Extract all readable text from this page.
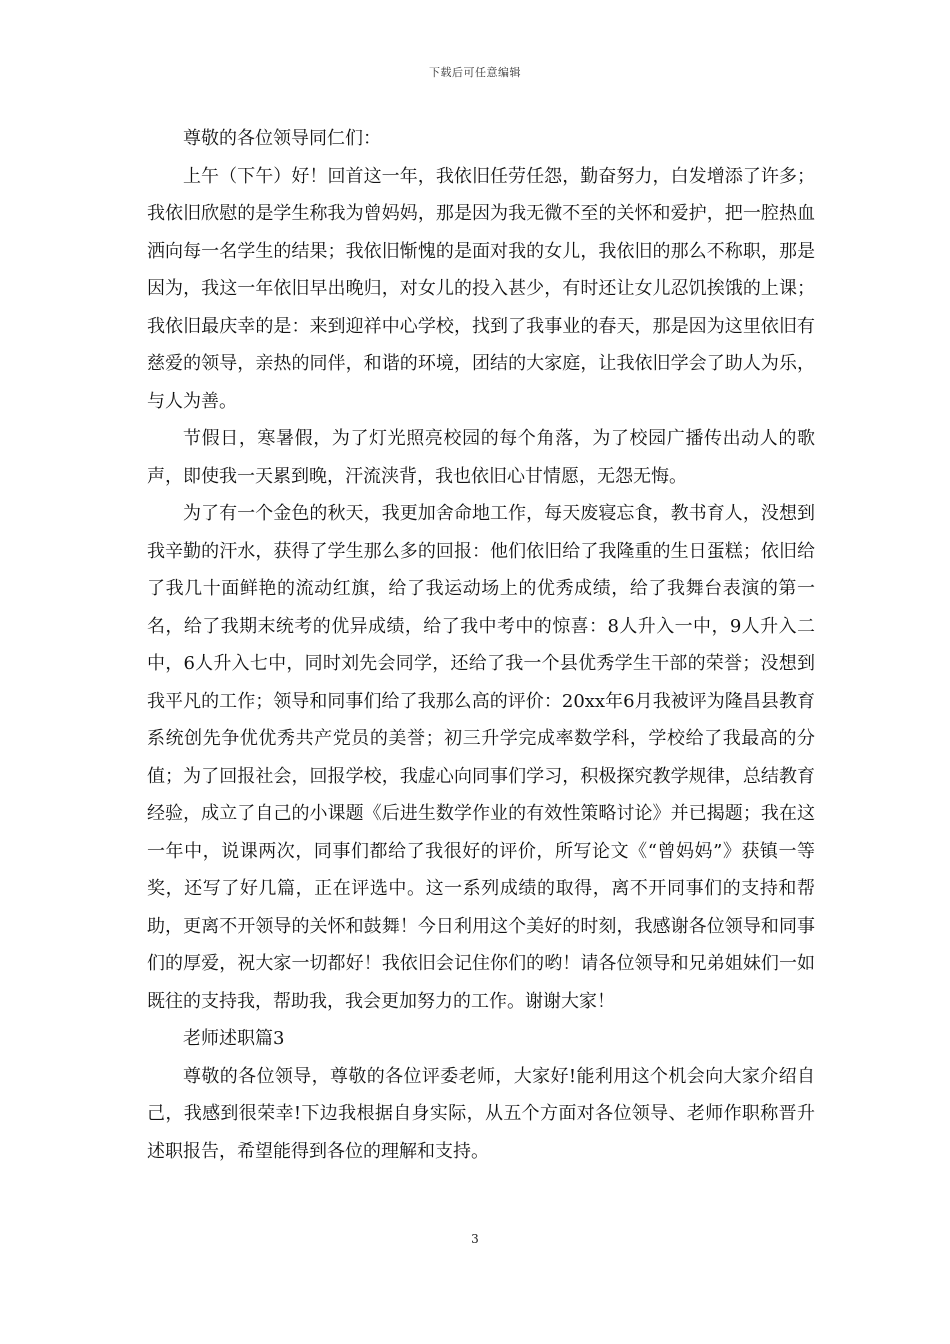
下载后可任意编辑

尊敬的各位领导同仁们：

上午（下午）好！回首这一年，我依旧任劳任怨，勤奋努力，白发增添了许多；我依旧欣慰的是学生称我为曾妈妈，那是因为我无微不至的关怀和爱护，把一腔热血洒向每一名学生的结果；我依旧惭愧的是面对我的女儿，我依旧的那么不称职，那是因为，我这一年依旧早出晚归，对女儿的投入甚少，有时还让女儿忍饥挨饿的上课；我依旧最庆幸的是：来到迎祥中心学校，找到了我事业的春天，那是因为这里依旧有慈爱的领导，亲热的同伴，和谐的环境，团结的大家庭，让我依旧学会了助人为乐，与人为善。

节假日，寒暑假，为了灯光照亮校园的每个角落，为了校园广播传出动人的歌声，即使我一天累到晚，汗流浃背，我也依旧心甘情愿，无怨无悔。

为了有一个金色的秋天，我更加舍命地工作，每天废寝忘食，教书育人，没想到我辛勤的汗水，获得了学生那么多的回报：他们依旧给了我隆重的生日蛋糕；依旧给了我几十面鲜艳的流动红旗，给了我运动场上的优秀成绩，给了我舞台表演的第一名，给了我期末统考的优异成绩，给了我中考中的惊喜：8人升入一中，9人升入二中，6人升入七中，同时刘先会同学，还给了我一个县优秀学生干部的荣誉；没想到我平凡的工作；领导和同事们给了我那么高的评价：20xx年6月我被评为隆昌县教育系统创先争优优秀共产党员的美誉；初三升学完成率数学科，学校给了我最高的分值；为了回报社会，回报学校，我虚心向同事们学习，积极探究教学规律，总结教育经验，成立了自己的小课题《后进生数学作业的有效性策略讨论》并已揭题；我在这一年中，说课两次，同事们都给了我很好的评价，所写论文《“曾妈妈”》获镇一等奖，还写了好几篇，正在评选中。这一系列成绩的取得，离不开同事们的支持和帮助，更离不开领导的关怀和鼓舞！今日利用这个美好的时刻，我感谢各位领导和同事们的厚爱，祝大家一切都好！我依旧会记住你们的哟！请各位领导和兄弟姐妹们一如既往的支持我，帮助我，我会更加努力的工作。谢谢大家！

老师述职篇3

尊敬的各位领导，尊敬的各位评委老师，大家好!能利用这个机会向大家介绍自己，我感到很荣幸!下边我根据自身实际，从五个方面对各位领导、老师作职称晋升述职报告，希望能得到各位的理解和支持。

3
